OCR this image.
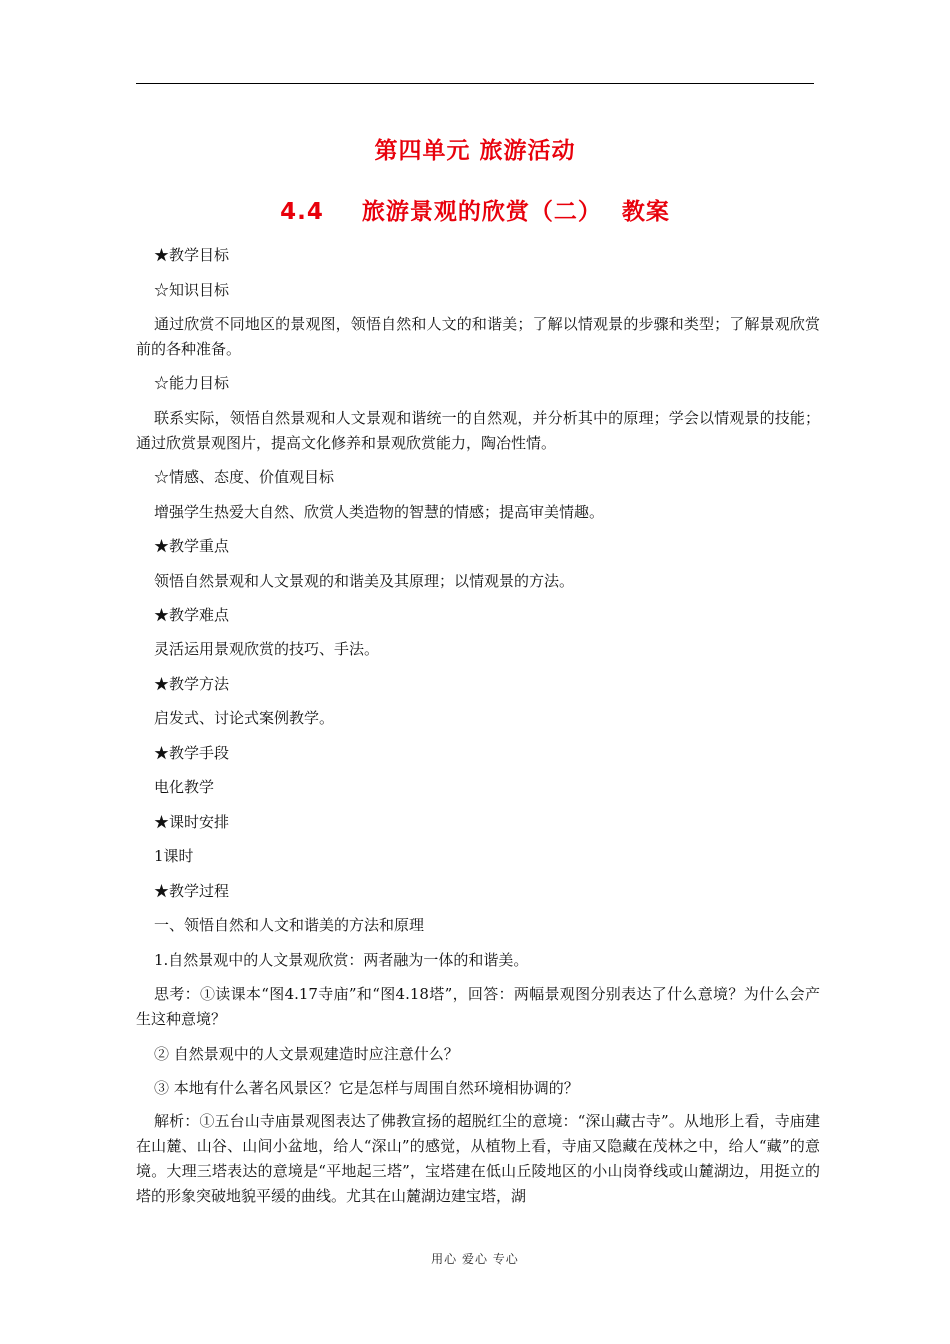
第四单元 旅游活动
4.4 旅游景观的欣赏（二） 教案
★教学目标
☆知识目标
通过欣赏不同地区的景观图，领悟自然和人文的和谐美；了解以情观景的步骤和类型；了解景观欣赏前的各种准备。
☆能力目标
联系实际，领悟自然景观和人文景观和谐统一的自然观，并分析其中的原理；学会以情观景的技能；通过欣赏景观图片，提高文化修养和景观欣赏能力，陶冶性情。
☆情感、态度、价值观目标
增强学生热爱大自然、欣赏人类造物的智慧的情感；提高审美情趣。
★教学重点
领悟自然景观和人文景观的和谐美及其原理；以情观景的方法。
★教学难点
灵活运用景观欣赏的技巧、手法。
★教学方法
启发式、讨论式案例教学。
★教学手段
电化教学
★课时安排
1课时
★教学过程
一、领悟自然和人文和谐美的方法和原理
1.自然景观中的人文景观欣赏：两者融为一体的和谐美。
思考：①读课本“图4.17寺庙”和“图4.18塔”，回答：两幅景观图分别表达了什么意境？为什么会产生这种意境？
② 自然景观中的人文景观建造时应注意什么？
③ 本地有什么著名风景区？它是怎样与周围自然环境相协调的？
解析：①五台山寺庙景观图表达了佛教宣扬的超脱红尘的意境：“深山藏古寺”。从地形上看，寺庙建在山麓、山谷、山间小盆地，给人“深山”的感觉，从植物上看，寺庙又隐藏在茂林之中，给人“藏”的意境。大理三塔表达的意境是“平地起三塔”，宝塔建在低山丘陵地区的小山岗脊线或山麓湖边，用挺立的塔的形象突破地貌平缓的曲线。尤其在山麓湖边建宝塔，湖
用心 爱心 专心
